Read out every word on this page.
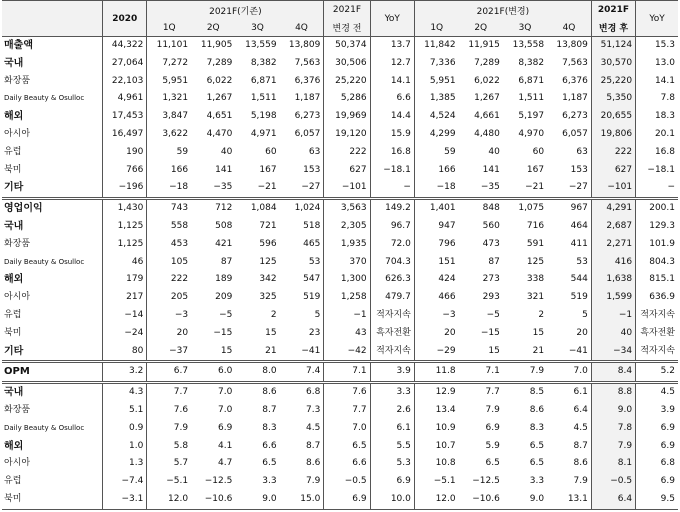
	2020	2021F(기존)				2021F	YoY	2021F(변경)				2021F	YoY
		1Q	2Q	3Q	4Q	변경 전		1Q	2Q	3Q	4Q	변경 후	
매출액	44,322	11,101	11,905	13,559	13,809	50,374	13.7	11,842	11,915	13,558	13,809	51,124	15.3
국내	27,064	7,272	7,289	8,382	7,563	30,506	12.7	7,336	7,289	8,382	7,563	30,570	13.0
화장품	22,103	5,951	6,022	6,871	6,376	25,220	14.1	5,951	6,022	6,871	6,376	25,220	14.1
Daily Beauty & Osulloc	4,961	1,321	1,267	1,511	1,187	5,286	6.6	1,385	1,267	1,511	1,187	5,350	7.8
해외	17,453	3,847	4,651	5,198	6,273	19,969	14.4	4,524	4,661	5,197	6,273	20,655	18.3
아시아	16,497	3,622	4,470	4,971	6,057	19,120	15.9	4,299	4,480	4,970	6,057	19,806	20.1
유럽	190	59	40	60	63	222	16.8	59	40	60	63	222	16.8
북미	766	166	141	167	153	627	−18.1	166	141	167	153	627	−18.1
기타	−196	−18	−35	−21	−27	−101	−	−18	−35	−21	−27	−101	−
영업이익	1,430	743	712	1,084	1,024	3,563	149.2	1,401	848	1,075	967	4,291	200.1
국내	1,125	558	508	721	518	2,305	96.7	947	560	716	464	2,687	129.3
화장품	1,125	453	421	596	465	1,935	72.0	796	473	591	411	2,271	101.9
Daily Beauty & Osulloc	46	105	87	125	53	370	704.3	151	87	125	53	416	804.3
해외	179	222	189	342	547	1,300	626.3	424	273	338	544	1,638	815.1
아시아	217	205	209	325	519	1,258	479.7	466	293	321	519	1,599	636.9
유럽	−14	−3	−5	2	5	−1	적자지속	−3	−5	2	5	−1	적자지속
북미	−24	20	−15	15	23	43	흑자전환	20	−15	15	20	40	흑자전환
기타	80	−37	15	21	−41	−42	적자지속	−29	15	21	−41	−34	적자지속
OPM	3.2	6.7	6.0	8.0	7.4	7.1	3.9	11.8	7.1	7.9	7.0	8.4	5.2
국내	4.3	7.7	7.0	8.6	6.8	7.6	3.3	12.9	7.7	8.5	6.1	8.8	4.5
화장품	5.1	7.6	7.0	8.7	7.3	7.7	2.6	13.4	7.9	8.6	6.4	9.0	3.9
Daily Beauty & Osulloc	0.9	7.9	6.9	8.3	4.5	7.0	6.1	10.9	6.9	8.3	4.5	7.8	6.9
해외	1.0	5.8	4.1	6.6	8.7	6.5	5.5	10.7	5.9	6.5	8.7	7.9	6.9
아시아	1.3	5.7	4.7	6.5	8.6	6.6	5.3	10.8	6.5	6.5	8.6	8.1	6.8
유럽	−7.4	−5.1	−12.5	3.3	7.9	−0.5	6.9	−5.1	−12.5	3.3	7.9	−0.5	6.9
북미	−3.1	12.0	−10.6	9.0	15.0	6.9	10.0	12.0	−10.6	9.0	13.1	6.4	9.5
